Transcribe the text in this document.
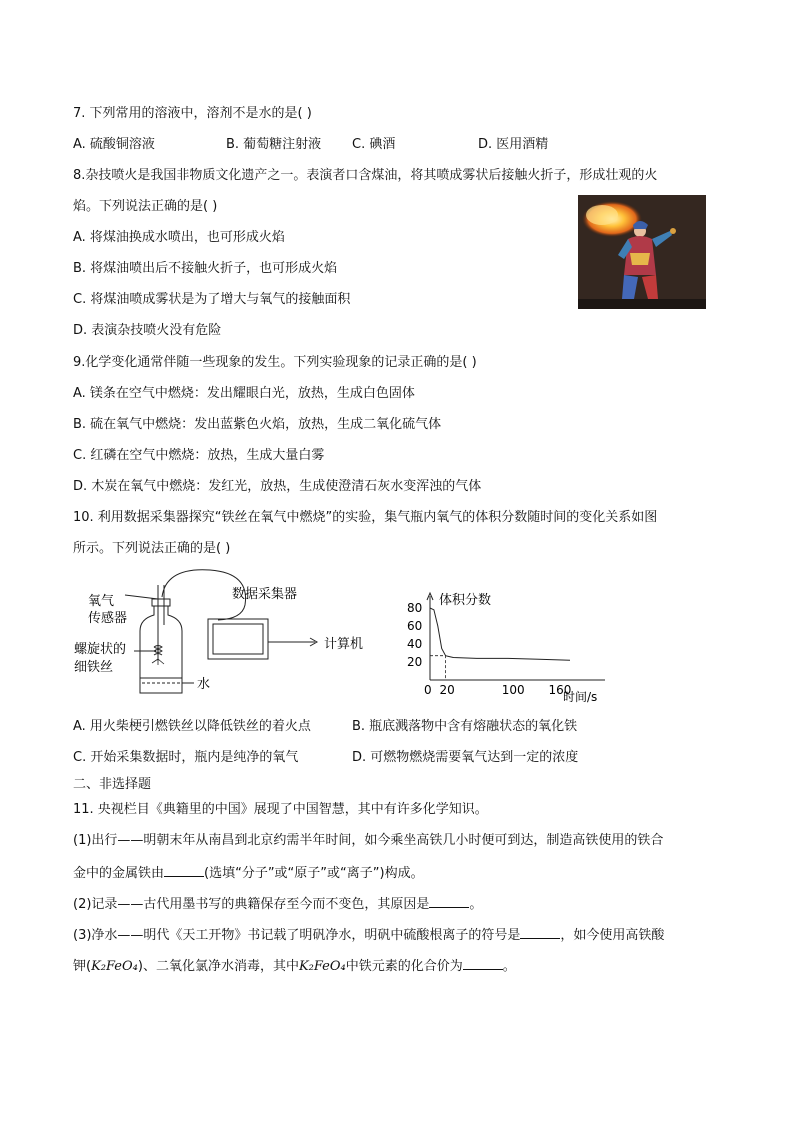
7. 下列常用的溶液中，溶剂不是水的是( )
A. 硫酸铜溶液	B. 葡萄糖注射液 C. 碘酒	D. 医用酒精
8.杂技喷火是我国非物质文化遗产之一。表演者口含煤油，将其喷成雾状后接触火折子，形成壮观的火
焰。下列说法正确的是( )
A. 将煤油换成水喷出，也可形成火焰
B. 将煤油喷出后不接触火折子，也可形成火焰
C. 将煤油喷成雾状是为了增大与氧气的接触面积
D. 表演杂技喷火没有危险
9.化学变化通常伴随一些现象的发生。下列实验现象的记录正确的是( )
A. 镁条在空气中燃烧：发出耀眼白光，放热，生成白色固体
B. 硫在氧气中燃烧：发出蓝紫色火焰，放热，生成二氧化硫气体
C. 红磷在空气中燃烧：放热，生成大量白雾
D. 木炭在氧气中燃烧：发红光，放热，生成使澄清石灰水变浑浊的气体
10. 利用数据采集器探究“铁丝在氧气中燃烧”的实验，集气瓶内氧气的体积分数随时间的变化关系如图
所示。下列说法正确的是( )
氧气
传感器
螺旋状的
细铁丝
水
数据采集器
计算机
体积分数
时间/s
80
60
40
20
0 20	100 160
A. 用火柴梗引燃铁丝以降低铁丝的着火点	B. 瓶底溅落物中含有熔融状态的氧化铁
C. 开始采集数据时，瓶内是纯净的氧气	D. 可燃物燃烧需要氧气达到一定的浓度
二、非选择题
11. 央视栏目《典籍里的中国》展现了中国智慧，其中有许多化学知识。
(1)出行——明朝末年从南昌到北京约需半年时间，如今乘坐高铁几小时便可到达，制造高铁使用的铁合
金中的金属铁由	(选填“分子”或“原子”或“离子”)构成。
(2)记录——古代用墨书写的典籍保存至今而不变色，其原因是	。
(3)净水——明代《天工开物》书记载了明矾净水，明矾中硫酸根离子的符号是	，如今使用高铁酸
钾(K₂FeO₄)、二氧化氯净水消毒，其中K₂FeO₄中铁元素的化合价为	。
